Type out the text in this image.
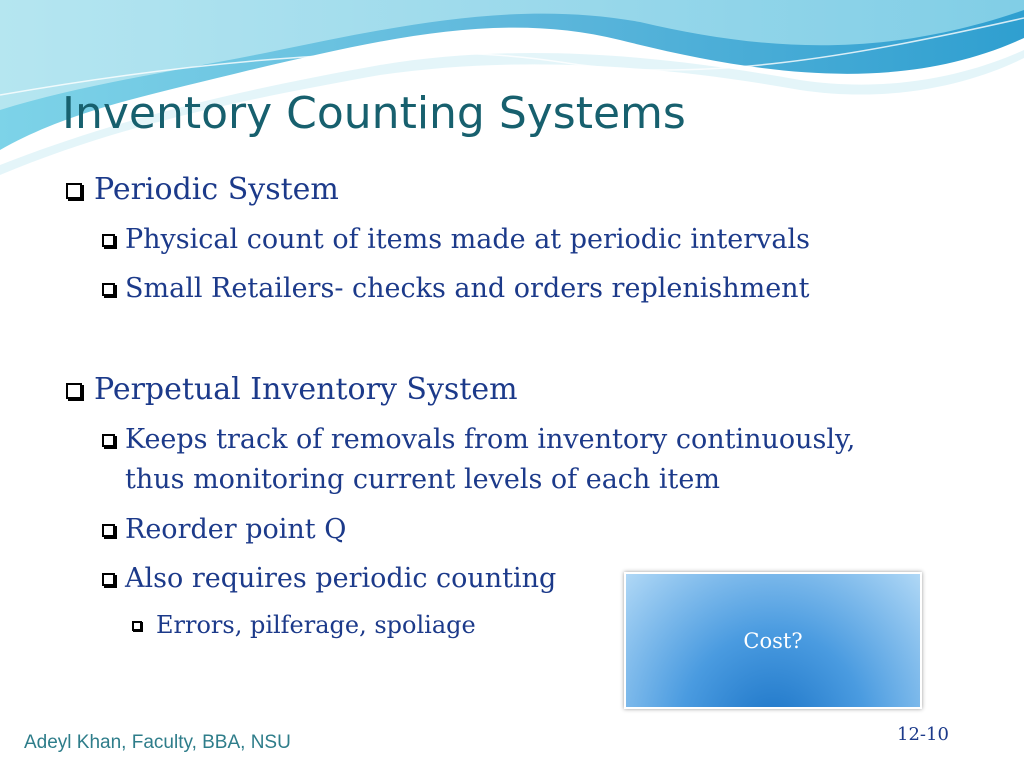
Inventory Counting Systems
Periodic System
Physical count of items made at periodic intervals
Small Retailers- checks and orders replenishment
Perpetual Inventory System
Keeps track of removals from inventory continuously,
thus monitoring current levels of each item
Reorder point Q
Also requires periodic counting
Errors, pilferage, spoliage
Cost?
Adeyl Khan, Faculty, BBA, NSU	12-10
